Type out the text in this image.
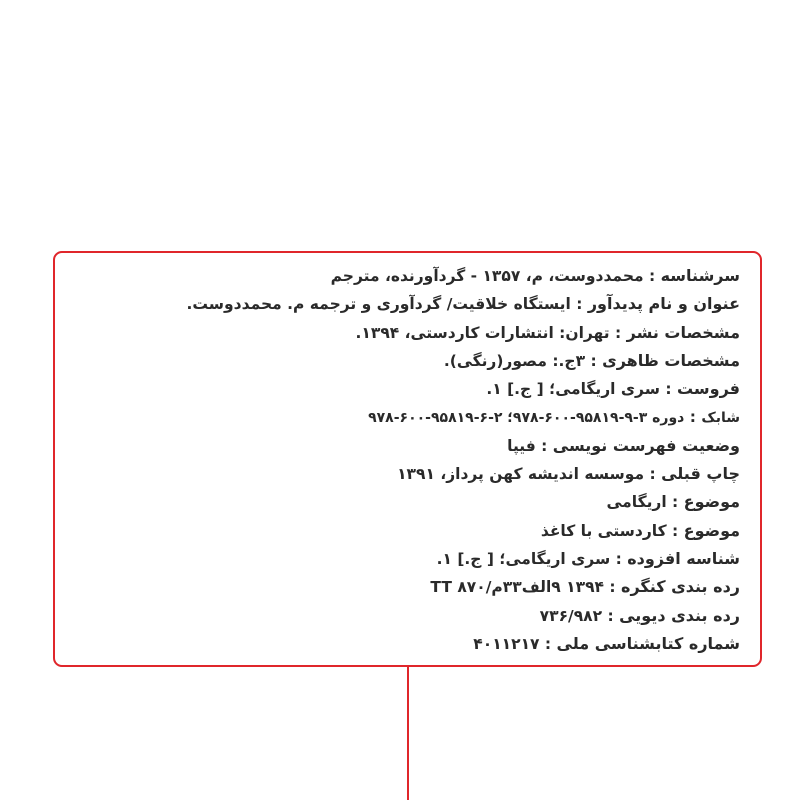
سرشناسه : محمددوست، م، ۱۳۵۷ - گردآورنده، مترجم
عنوان و نام پدیدآور : ایستگاه خلاقیت/ گردآوری و ترجمه م. محمددوست.
مشخصات نشر : تهران: انتشارات کاردستی، ۱۳۹۴.
مشخصات ظاهری : ۳ج.: مصور(رنگی).
فروست : سری اریگامی؛ [ ج.] ۱.
شابک : دوره ۳-۹-۹۵۸۱۹-۶۰۰-۹۷۸؛ ۲-۶-۹۵۸۱۹-۶۰۰-۹۷۸
وضعیت فهرست نویسی : فیپا
چاپ قبلی : موسسه اندیشه کهن پرداز، ۱۳۹۱
موضوع : اریگامی
موضوع : کاردستی با کاغذ
شناسه افزوده : سری اریگامی؛ [ ج.] ۱.
رده بندی کنگره : ۱۳۹۴ ۹الف۳۳م/۸۷۰ TT
رده بندی دیویی : ۷۳۶/۹۸۲
شماره کتابشناسی ملی : ۴۰۱۱۲۱۷
